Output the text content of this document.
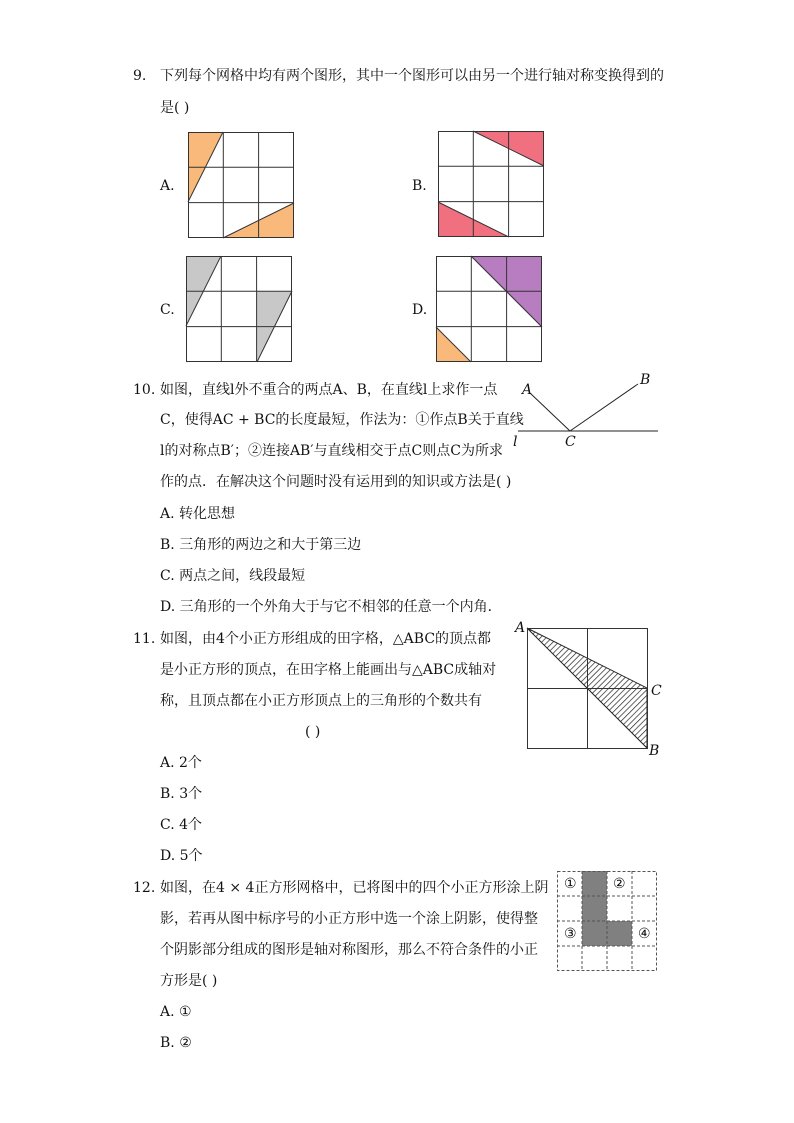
9. 下列每个网格中均有两个图形，其中一个图形可以由另一个进行轴对称变换得到的
是( )
A.	B.
C.	D.
10. 如图，直线l外不重合的两点A、B，在直线l上求作一点
C，使得AC + BC的长度最短，作法为：①作点B关于直线
l的对称点B′；②连接AB′与直线相交于点C则点C为所求
作的点．在解决这个问题时没有运用到的知识或方法是( )
A
B
C
l
A. 转化思想
B. 三角形的两边之和大于第三边
C. 两点之间，线段最短
D. 三角形的一个外角大于与它不相邻的任意一个内角．
11. 如图，由4个小正方形组成的田字格，△ABC的顶点都
是小正方形的顶点，在田字格上能画出与△ABC成轴对
称，且顶点都在小正方形顶点上的三角形的个数共有
( )
A
C
B
A. 2个
B. 3个
C. 4个
D. 5个
12. 如图，在4 × 4正方形网格中，已将图中的四个小正方形涂上阴
影，若再从图中标序号的小正方形中选一个涂上阴影，使得整
个阴影部分组成的图形是轴对称图形，那么不符合条件的小正
方形是( )
①	②
③	④
A. ①
B. ②
